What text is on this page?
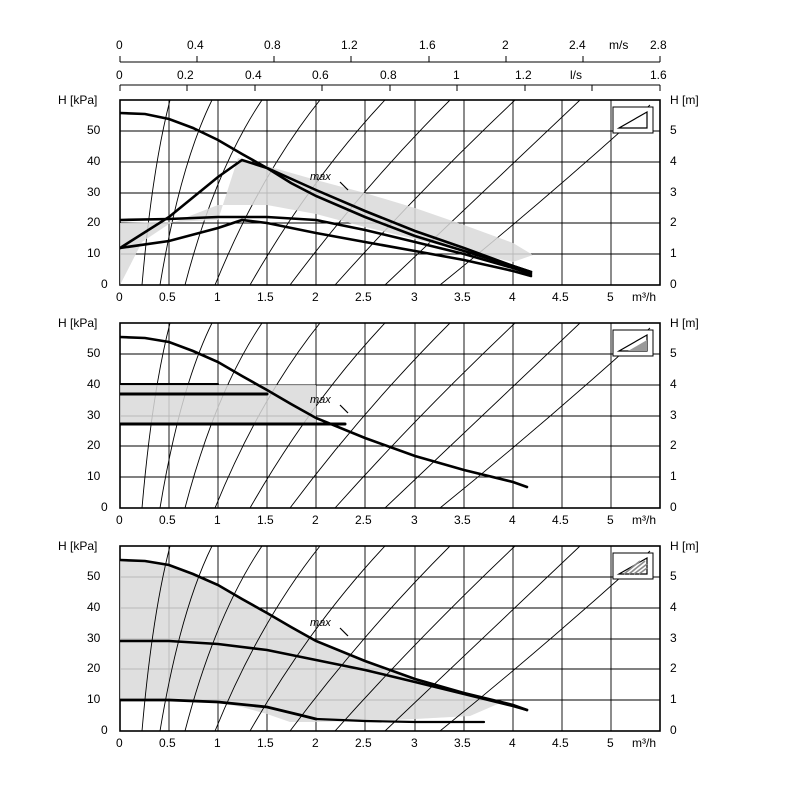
0	0.4	0.8	1.2	1.6	2	2.4 m/s 2.8
0	0.2	0.4	0.6	0.8	1	1.2	l/s	1.6
H [kPa]	H [m]
50
40
30
20
10
0
5
4
3
2
1
0
0	0.5	1	1.5	2	2.5	3	3.5	4	4.5	5 m³/h
max
H [kPa]	H [m]
50
40
30
20
10
0
5
4
3
2
1
0
0	0.5	1	1.5	2	2.5	3	3.5	4	4.5	5 m³/h
max
H [kPa]	H [m]
50
40
30
20
10
0
5
4
3
2
1
0
0	0.5	1	1.5	2	2.5	3	3.5	4	4.5	5 m³/h
max
